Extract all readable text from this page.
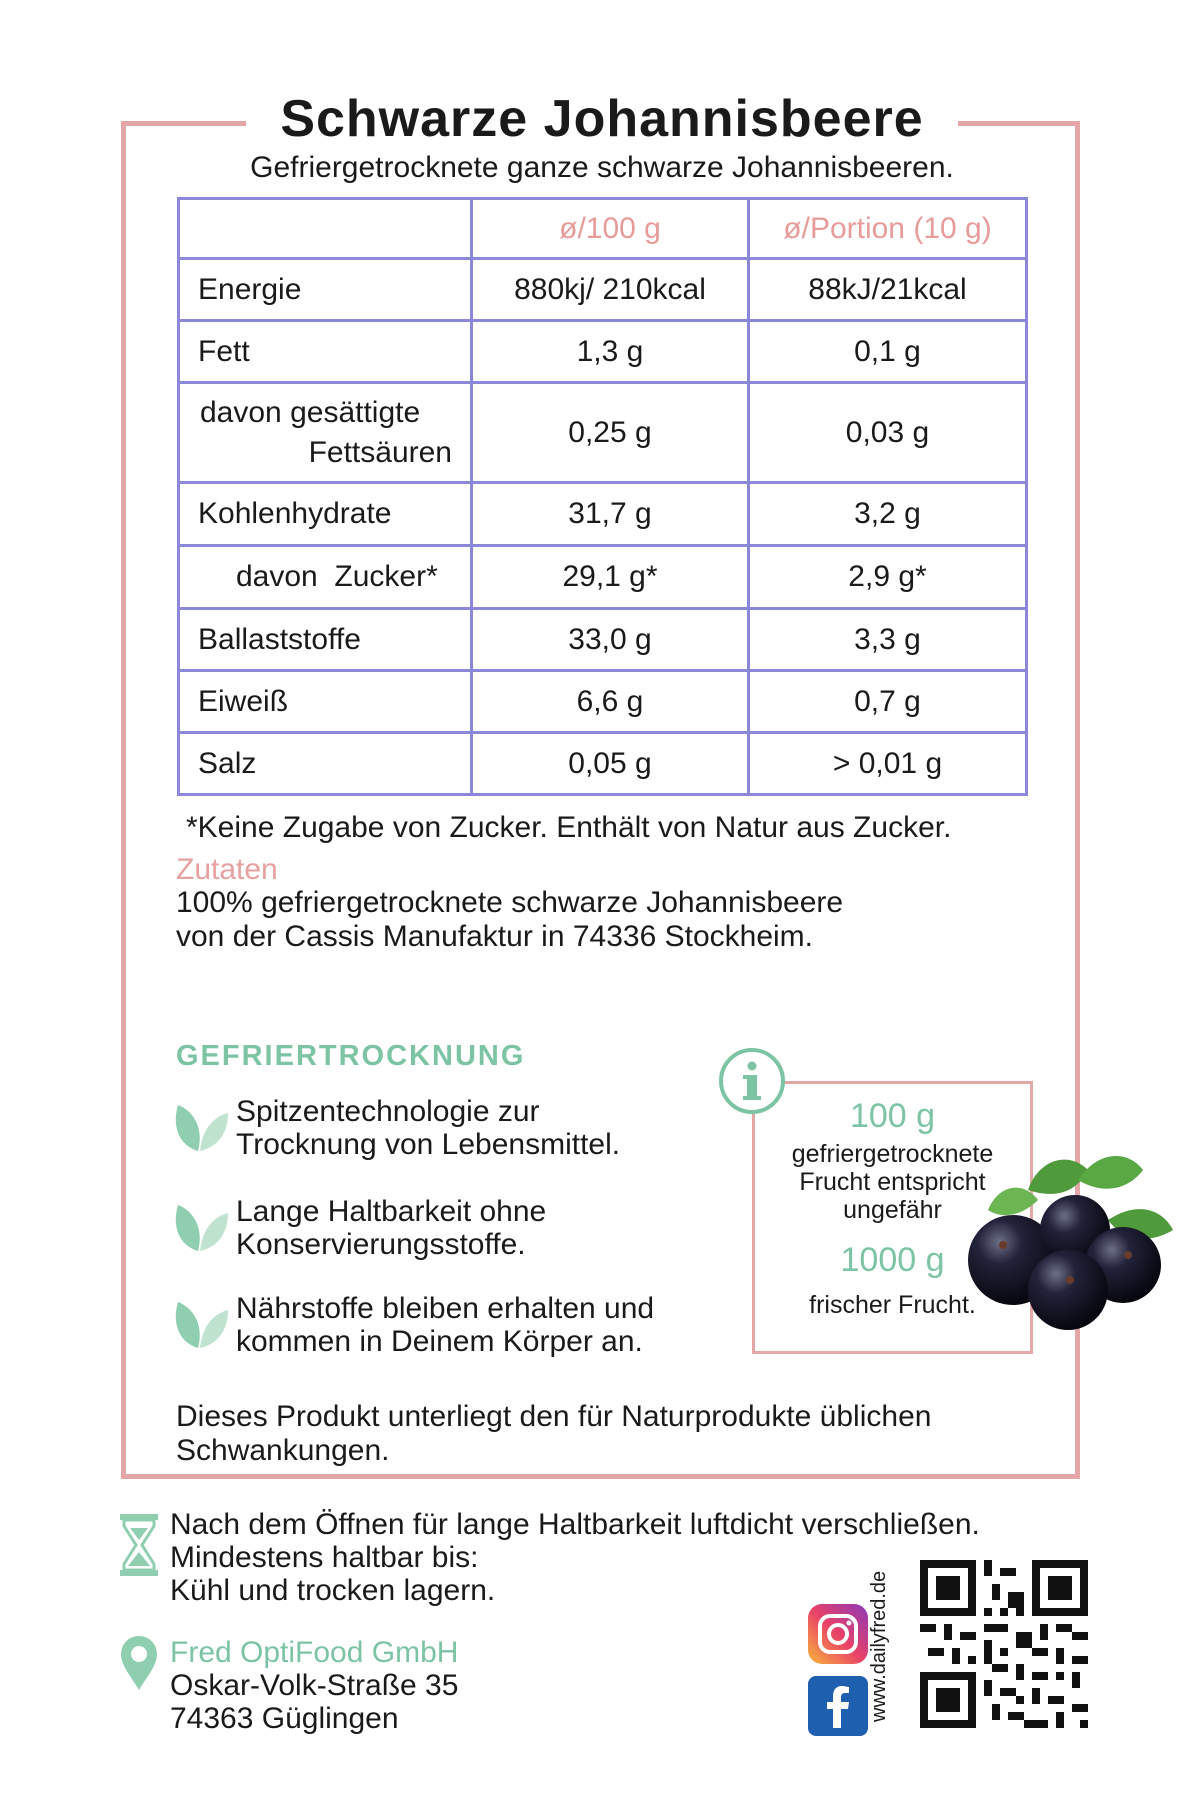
Schwarze Johannisbeere
Gefriergetrocknete ganze schwarze Johannisbeeren.
	ø/100 g	ø/Portion (10 g)
Energie	880kj/ 210kcal	88kJ/21kcal
Fett	1,3 g	0,1 g

davon gesättigte
Fettsäuren	0,25 g	0,03 g
Kohlenhydrate	31,7 g	3,2 g
davon  Zucker*	29,1 g*	2,9 g*
Ballaststoffe	33,0 g	3,3 g
Eiweiß	6,6 g	0,7 g
Salz	0,05 g	> 0,01 g
*Keine Zugabe von Zucker. Enthält von Natur aus Zucker.
Zutaten
100% gefriergetrocknete schwarze Johannisbeere
von der Cassis Manufaktur in 74336 Stockheim.
GEFRIERTROCKNUNG
Spitzentechnologie zur
Trocknung von Lebensmittel.
Lange Haltbarkeit ohne
Konservierungsstoffe.
Nährstoffe bleiben erhalten und
kommen in Deinem Körper an.
100 g
gefriergetrocknete
Frucht entspricht
ungefähr
1000 g
frischer Frucht.
Dieses Produkt unterliegt den für Naturprodukte üblichen
Schwankungen.
Nach dem Öffnen für lange Haltbarkeit luftdicht verschließen.
Mindestens haltbar bis:
Kühl und trocken lagern.
Fred OptiFood GmbH
Oskar-Volk-Straße 35
74363 Güglingen	www.dailyfred.de
